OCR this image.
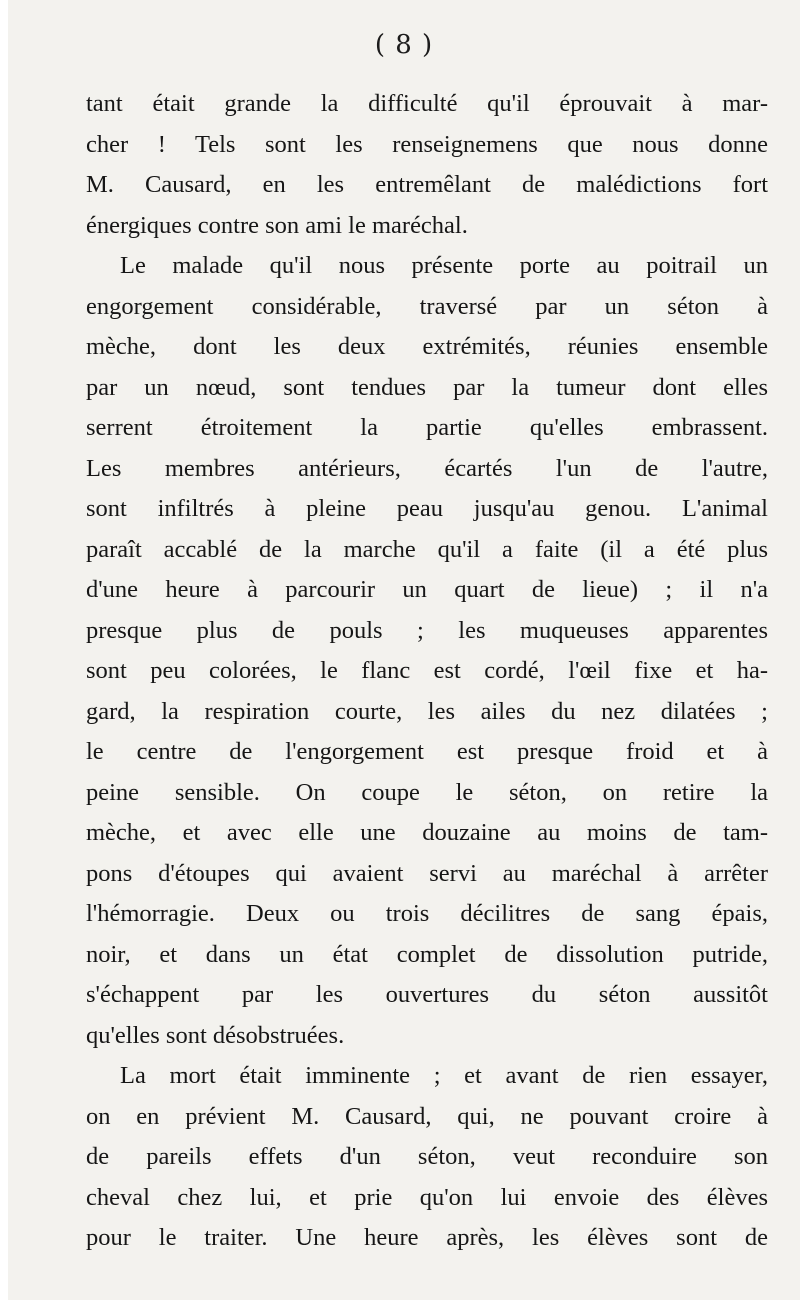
( 8 )
tant était grande la difficulté qu'il éprouvait à mar-
cher ! Tels sont les renseignemens que nous donne
M. Causard, en les entremêlant de malédictions fort
énergiques contre son ami le maréchal.
Le malade qu'il nous présente porte au poitrail un
engorgement considérable, traversé par un séton à
mèche, dont les deux extrémités, réunies ensemble
par un nœud, sont tendues par la tumeur dont elles
serrent étroitement la partie qu'elles embrassent.
Les membres antérieurs, écartés l'un de l'autre,
sont infiltrés à pleine peau jusqu'au genou. L'animal
paraît accablé de la marche qu'il a faite (il a été plus
d'une heure à parcourir un quart de lieue) ; il n'a
presque plus de pouls ; les muqueuses apparentes
sont peu colorées, le flanc est cordé, l'œil fixe et ha-
gard, la respiration courte, les ailes du nez dilatées ;
le centre de l'engorgement est presque froid et à
peine sensible. On coupe le séton, on retire la
mèche, et avec elle une douzaine au moins de tam-
pons d'étoupes qui avaient servi au maréchal à arrêter
l'hémorragie. Deux ou trois décilitres de sang épais,
noir, et dans un état complet de dissolution putride,
s'échappent par les ouvertures du séton aussitôt
qu'elles sont désobstruées.
La mort était imminente ; et avant de rien essayer,
on en prévient M. Causard, qui, ne pouvant croire à
de pareils effets d'un séton, veut reconduire son
cheval chez lui, et prie qu'on lui envoie des élèves
pour le traiter. Une heure après, les élèves sont de
